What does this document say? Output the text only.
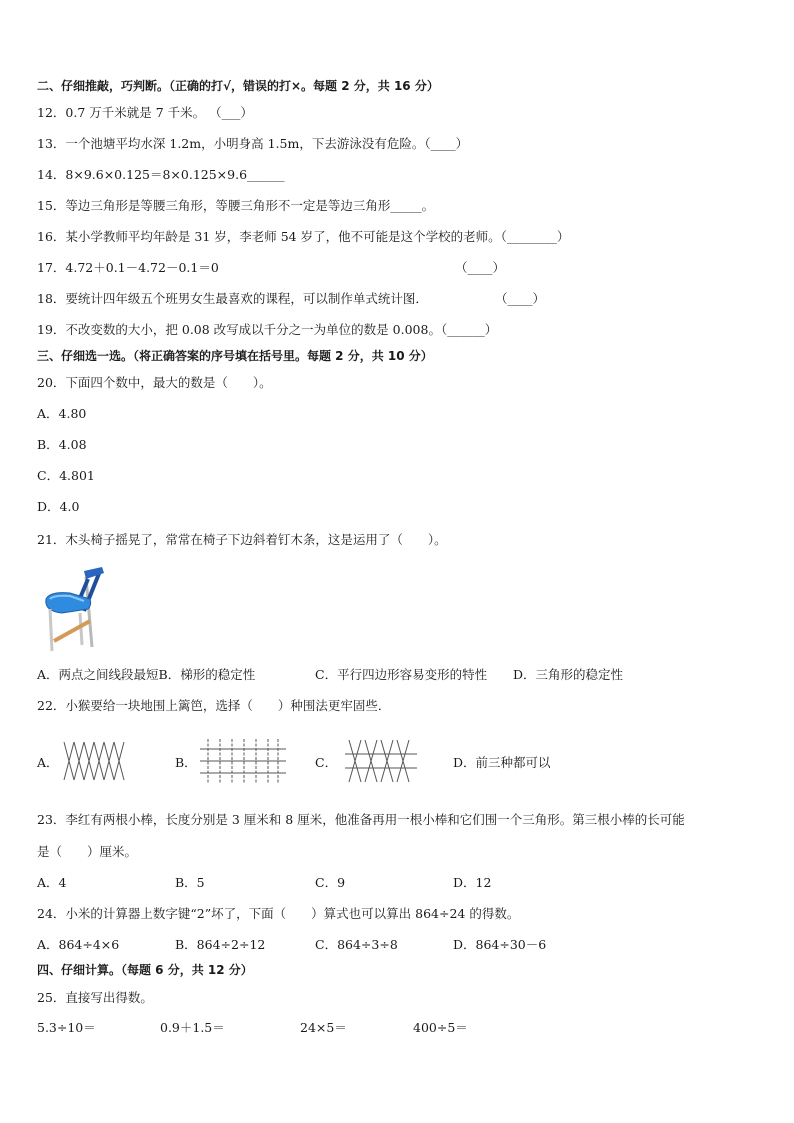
二、仔细推敲，巧判断。（正确的打√，错误的打×。每题 2 分，共 16 分）
12．0.7 万千米就是 7 千米。 （___）
13．一个池塘平均水深 1.2m，小明身高 1.5m，下去游泳没有危险。（____）
14．8×9.6×0.125＝8×0.125×9.6______
15．等边三角形是等腰三角形，等腰三角形不一定是等边三角形_____。
16．某小学教师平均年龄是 31 岁，李老师 54 岁了，他不可能是这个学校的老师。（________）
17．4.72＋0.1－4.72－0.1＝0	（____）
18．要统计四年级五个班男女生最喜欢的课程，可以制作单式统计图．	（____）
19．不改变数的大小，把 0.08 改写成以千分之一为单位的数是 0.008。（______）
三、仔细选一选。（将正确答案的序号填在括号里。每题 2 分，共 10 分）
20．下面四个数中，最大的数是（　　）。
A．4.80
B．4.08
C．4.801
D．4.0
21．木头椅子摇晃了，常常在椅子下边斜着钉木条，这是运用了（　　）。
A．两点之间线段最短B．梯形的稳定性	C．平行四边形容易变形的特性 D．三角形的稳定性
22．小猴要给一块地围上篱笆，选择（　　）种围法更牢固些．
A．	B．	C．	D．前三种都可以
23．李红有两根小棒，长度分别是 3 厘米和 8 厘米，他准备再用一根小棒和它们围一个三角形。第三根小棒的长可能
是（　　）厘米。
A．4	B．5	C．9	D．12
24．小米的计算器上数字键“2”坏了，下面（　　）算式也可以算出 864÷24 的得数。
A．864÷4×6	B．864÷2÷12	C．864÷3÷8	D．864÷30－6
四、仔细计算。（每题 6 分，共 12 分）
25．直接写出得数。
5.3÷10＝	0.9＋1.5＝	24×5＝	400÷5＝
